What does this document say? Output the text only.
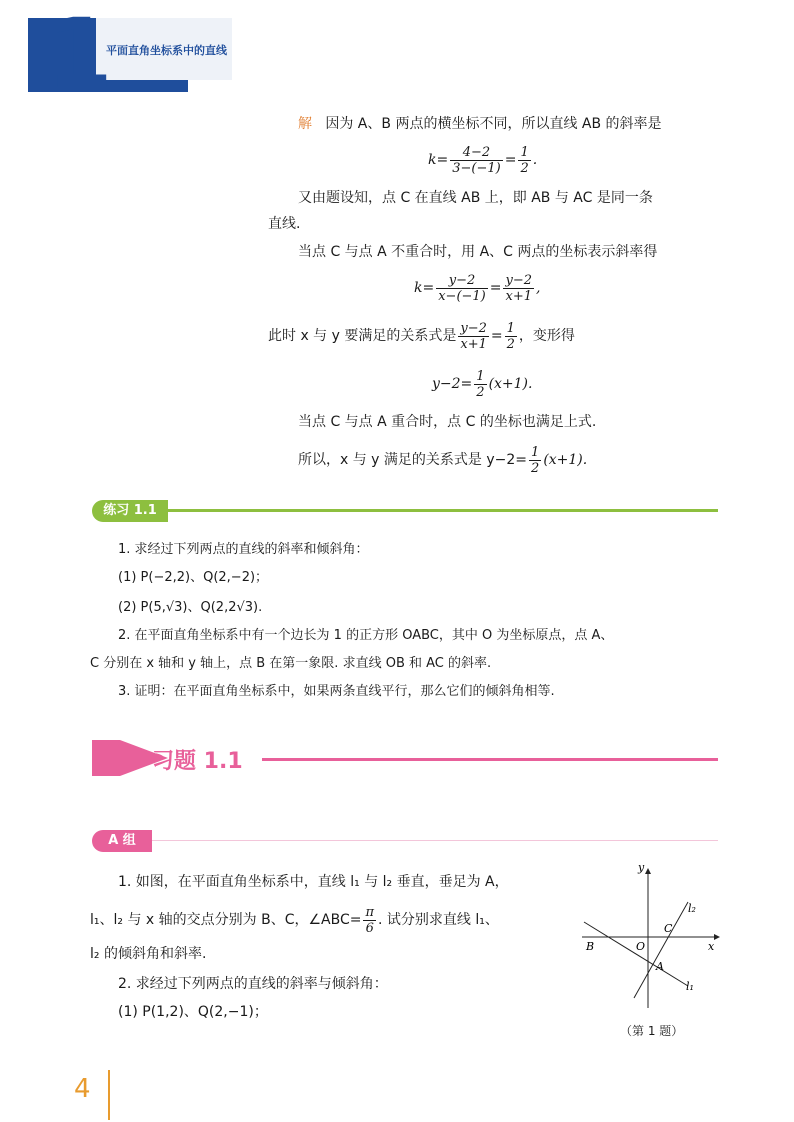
1
平面直角坐标系中的直线
解 因为 A、B 两点的横坐标不同，所以直线 AB 的斜率是
$k= \frac{4-2}{3-(-1)} = \frac{1}{2}$ .
又由题设知，点 C 在直线 AB 上，即 AB 与 AC 是同一条
直线.
当点 C 与点 A 不重合时，用 A、C 两点的坐标表示斜率得
$k= \frac{y-2}{x-(-1)} = \frac{y-2}{x+1}$ ,
此时 x 与 y 要满足的关系式是 $\frac{y-2}{x+1} = \frac{1}{2}$ ，变形得
$y-2= \frac{1}{2} (x+1)$.
当点 C 与点 A 重合时，点 C 的坐标也满足上式.
所以，x 与 y 满足的关系式是 $y-2= \frac{1}{2} (x+1)$.
练习 1.1
1. 求经过下列两点的直线的斜率和倾斜角：
(1) P(−2,2)、Q(2,−2)；
(2) P(5,√3)、Q(2,2√3).
2. 在平面直角坐标系中有一个边长为 1 的正方形 OABC，其中 O 为坐标原点，点 A、
C 分别在 x 轴和 y 轴上，点 B 在第一象限. 求直线 OB 和 AC 的斜率.
3. 证明：在平面直角坐标系中，如果两条直线平行，那么它们的倾斜角相等.
习题 1.1
A 组
1. 如图，在平面直角坐标系中，直线 l₁ 与 l₂ 垂直，垂足为 A，
l₁、l₂ 与 x 轴的交点分别为 B、C，∠ABC= $\frac{\pi}{6}$ . 试分别求直线 l₁、
l₂ 的倾斜角和斜率.
2. 求经过下列两点的直线的斜率与倾斜角：
(1) P(1,2)、Q(2,−1)；
y
x
O
B
C
A
l₂
l₁
（第 1 题）
4
